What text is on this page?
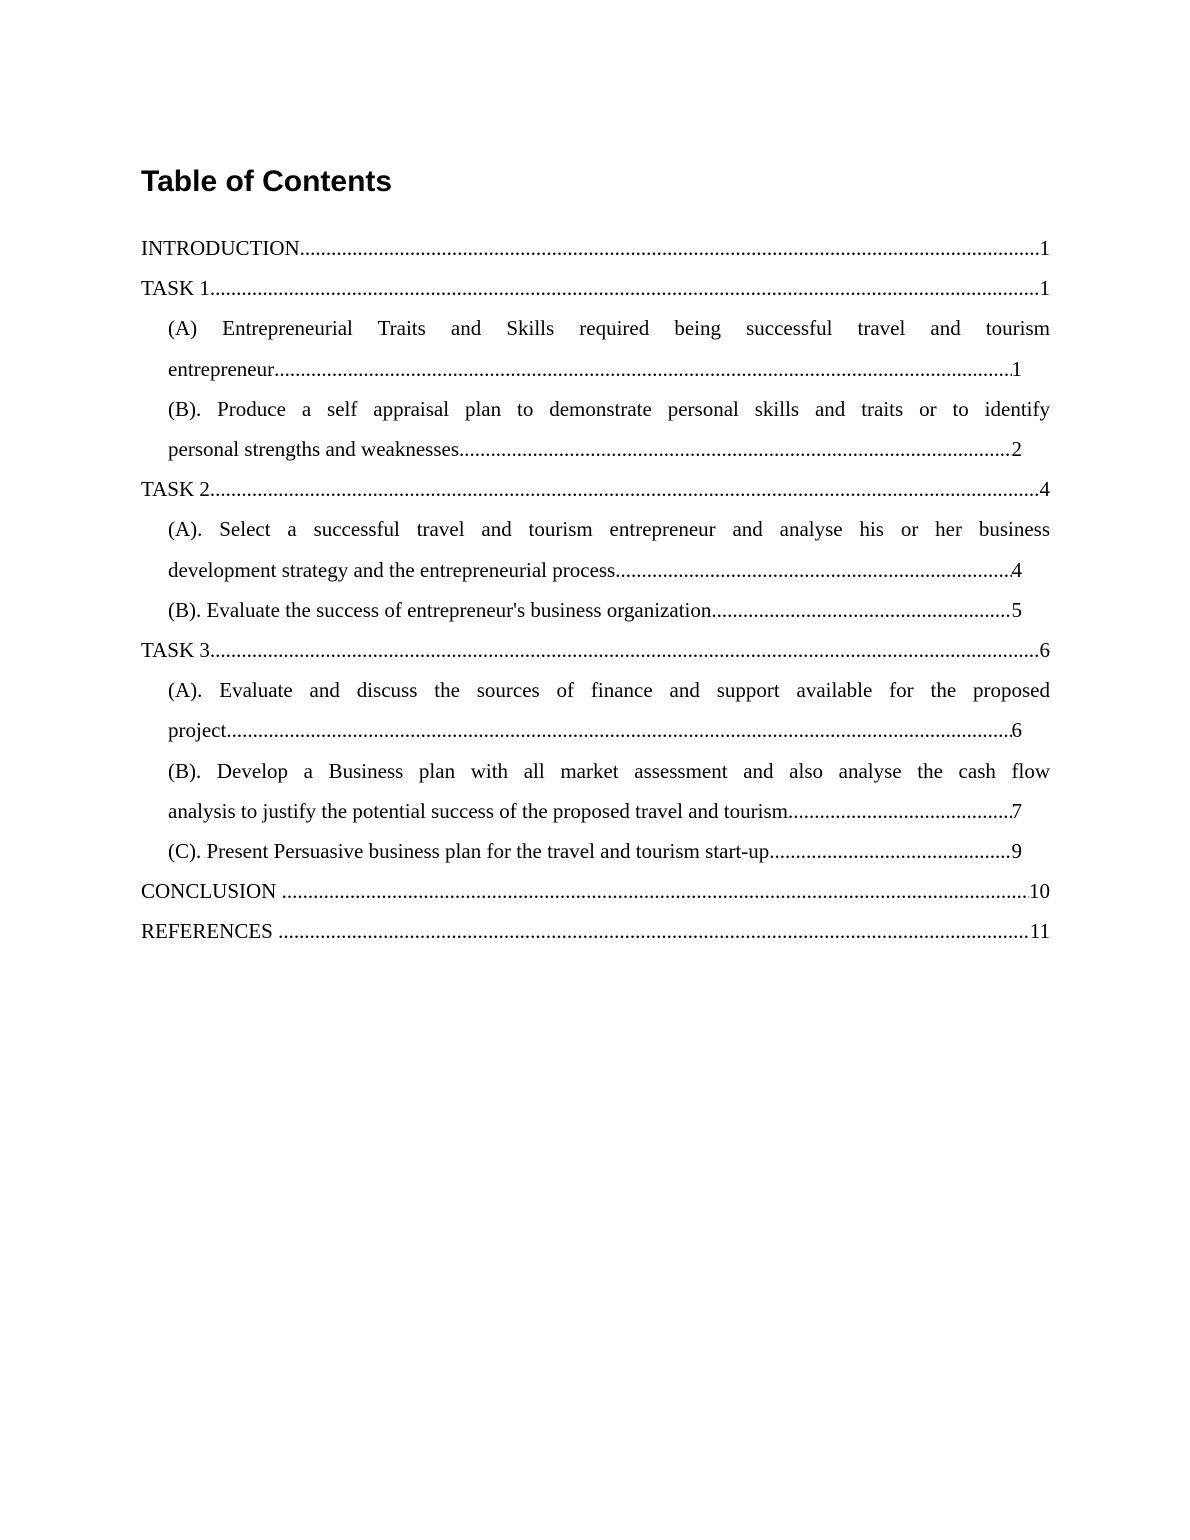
Table of Contents
INTRODUCTION .....	1
TASK 1 .....	1
(A) Entrepreneurial Traits and Skills required being successful travel and tourism
entrepreneur .....	1
(B). Produce a self appraisal plan to demonstrate personal skills and traits or to identify
personal strengths and weaknesses .....	2
TASK 2 .....	4
(A). Select a successful travel and tourism entrepreneur and analyse his or her business
development strategy and the entrepreneurial process .....	4
(B). Evaluate the success of entrepreneur's business organization .....	5
TASK 3 .....	6
(A). Evaluate and discuss the sources of finance and support available for the proposed
project .....	6
(B). Develop a Business plan with all market assessment and also analyse the cash flow
analysis to justify the potential success of the proposed travel and tourism .....	7
(C). Present Persuasive business plan for the travel and tourism start-up .....	9
CONCLUSION .....	10
REFERENCES .....	11
